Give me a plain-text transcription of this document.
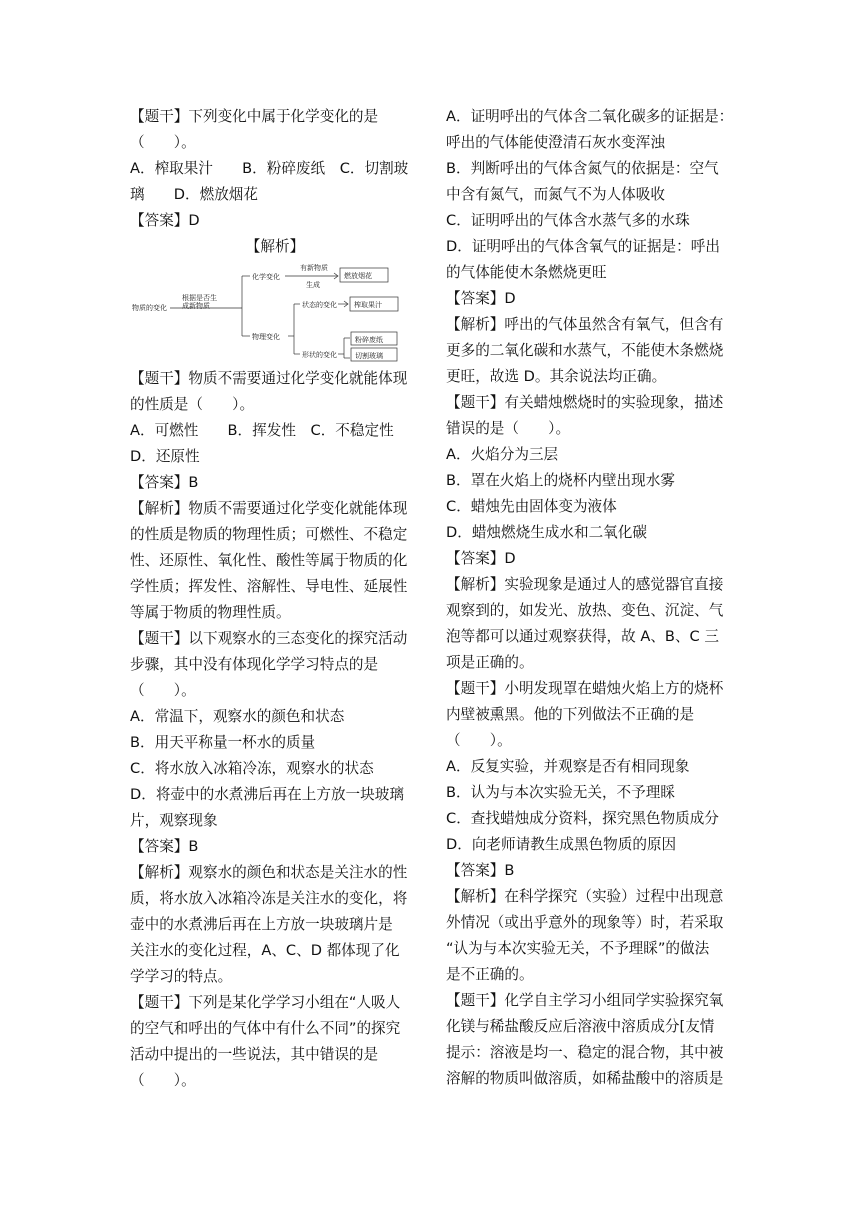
【题干】下列变化中属于化学变化的是
（　　）。
A．榨取果汁　　B．粉碎废纸　C．切割玻
璃　　D．燃放烟花
【答案】D
【解析】
物质的变化
根据是否生
成新物质
化学变化
有新物质
生成
燃放烟花
物理变化
状态的变化 榨取果汁
形状的变化
粉碎废纸
切割玻璃
【题干】物质不需要通过化学变化就能体现
的性质是（　　）。
A．可燃性　　B．挥发性　C．不稳定性
D．还原性
【答案】B
【解析】物质不需要通过化学变化就能体现
的性质是物质的物理性质；可燃性、不稳定
性、还原性、氧化性、酸性等属于物质的化
学性质；挥发性、溶解性、导电性、延展性
等属于物质的物理性质。
【题干】以下观察水的三态变化的探究活动
步骤，其中没有体现化学学习特点的是
（　　）。
A．常温下，观察水的颜色和状态
B．用天平称量一杯水的质量
C．将水放入冰箱冷冻，观察水的状态
D．将壶中的水煮沸后再在上方放一块玻璃
片，观察现象
【答案】B
【解析】观察水的颜色和状态是关注水的性
质，将水放入冰箱冷冻是关注水的变化，将
壶中的水煮沸后再在上方放一块玻璃片是
关注水的变化过程，A、C、D 都体现了化
学学习的特点。
【题干】下列是某化学学习小组在“人吸人
的空气和呼出的气体中有什么不同”的探究
活动中提出的一些说法，其中错误的是
（　　）。
A．证明呼出的气体含二氧化碳多的证据是：
呼出的气体能使澄清石灰水变浑浊
B．判断呼出的气体含氮气的依据是：空气
中含有氮气，而氮气不为人体吸收
C．证明呼出的气体含水蒸气多的水珠
D．证明呼出的气体含氧气的证据是：呼出
的气体能使木条燃烧更旺
【答案】D
【解析】呼出的气体虽然含有氧气，但含有
更多的二氧化碳和水蒸气，不能使木条燃烧
更旺，故选 D。其余说法均正确。
【题干】有关蜡烛燃烧时的实验现象，描述
错误的是（　　）。
A．火焰分为三层
B．罩在火焰上的烧杯内壁出现水雾
C．蜡烛先由固体变为液体
D．蜡烛燃烧生成水和二氧化碳
【答案】D
【解析】实验现象是通过人的感觉器官直接
观察到的，如发光、放热、变色、沉淀、气
泡等都可以通过观察获得，故 A、B、C 三
项是正确的。
【题干】小明发现罩在蜡烛火焰上方的烧杯
内壁被熏黑。他的下列做法不正确的是
（　　）。
A．反复实验，并观察是否有相同现象
B．认为与本次实验无关，不予理睬
C．查找蜡烛成分资料，探究黑色物质成分
D．向老师请教生成黑色物质的原因
【答案】B
【解析】在科学探究（实验）过程中出现意
外情况（或出乎意外的现象等）时，若采取
“认为与本次实验无关，不予理睬”的做法
是不正确的。
【题干】化学自主学习小组同学实验探究氧
化镁与稀盐酸反应后溶液中溶质成分[友情
提示：溶液是均一、稳定的混合物，其中被
溶解的物质叫做溶质，如稀盐酸中的溶质是
